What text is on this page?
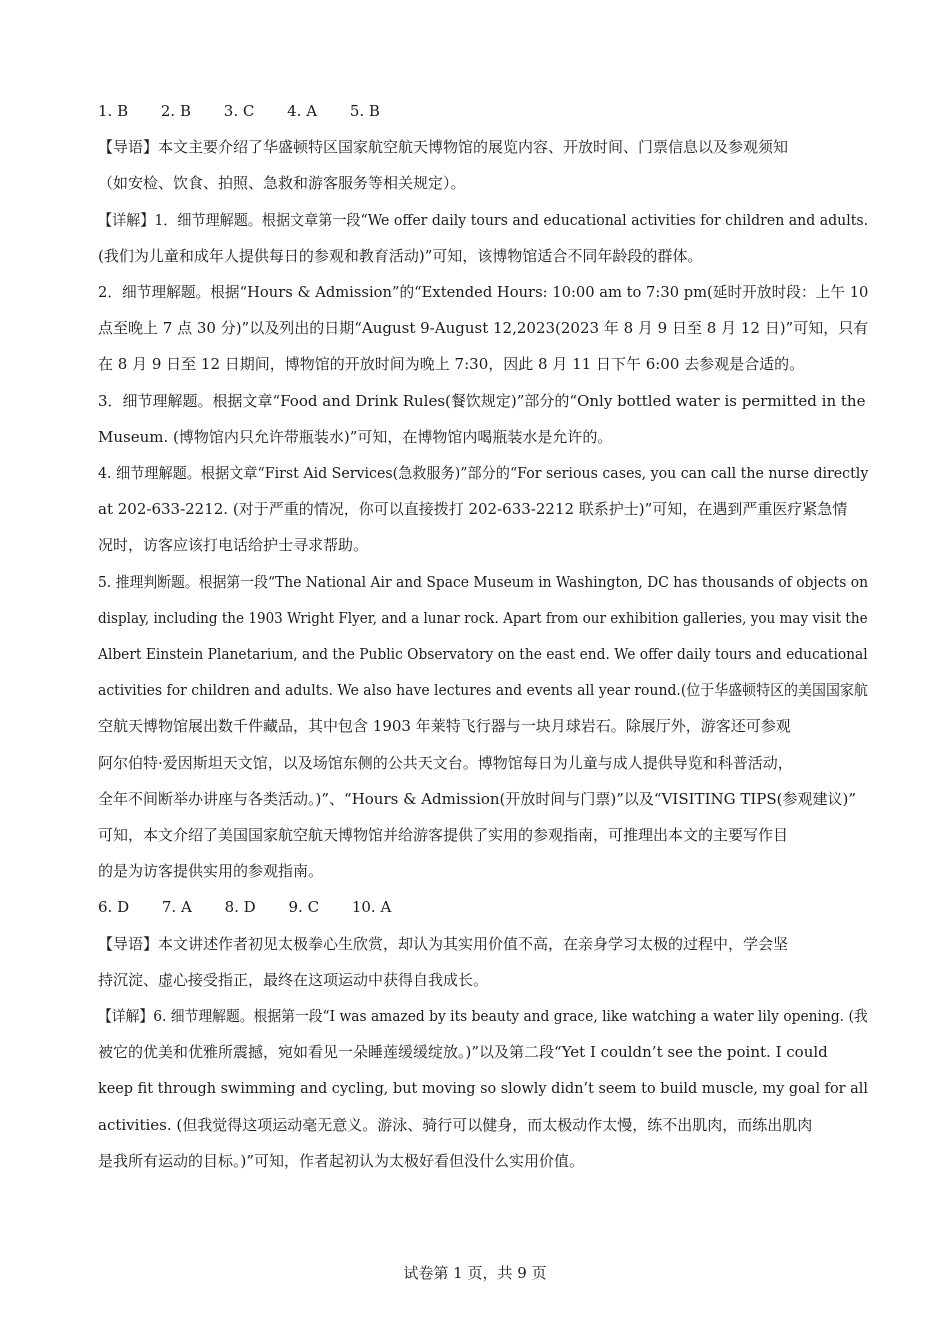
1. B 2. B 3. C 4. A 5. B
【导语】本文主要介绍了华盛顿特区国家航空航天博物馆的展览内容、开放时间、门票信息以及参观须知
（如安检、饮食、拍照、急救和游客服务等相关规定）。
【详解】1．细节理解题。根据文章第一段“We offer daily tours and educational activities for children and adults.
(我们为儿童和成年人提供每日的参观和教育活动)”可知，该博物馆适合不同年龄段的群体。
2．细节理解题。根据“Hours & Admission”的“Extended Hours: 10:00 am to 7:30 pm(延时开放时段：上午 10
点至晚上 7 点 30 分)”以及列出的日期“August 9-August 12,2023(2023 年 8 月 9 日至 8 月 12 日)”可知，只有
在 8 月 9 日至 12 日期间，博物馆的开放时间为晚上 7:30，因此 8 月 11 日下午 6:00 去参观是合适的。
3．细节理解题。根据文章“Food and Drink Rules(餐饮规定)”部分的“Only bottled water is permitted in the
Museum. (博物馆内只允许带瓶装水)”可知，在博物馆内喝瓶装水是允许的。
4. 细节理解题。根据文章“First Aid Services(急救服务)”部分的“For serious cases, you can call the nurse directly
at 202-633-2212. (对于严重的情况，你可以直接拨打 202-633-2212 联系护士)”可知，在遇到严重医疗紧急情
况时，访客应该打电话给护士寻求帮助。
5. 推理判断题。根据第一段“The National Air and Space Museum in Washington, DC has thousands of objects on
display, including the 1903 Wright Flyer, and a lunar rock. Apart from our exhibition galleries, you may visit the
Albert Einstein Planetarium, and the Public Observatory on the east end. We offer daily tours and educational
activities for children and adults. We also have lectures and events all year round.(位于华盛顿特区的美国国家航
空航天博物馆展出数千件藏品，其中包含 1903 年莱特飞行器与一块月球岩石。除展厅外，游客还可参观
阿尔伯特·爱因斯坦天文馆，以及场馆东侧的公共天文台。博物馆每日为儿童与成人提供导览和科普活动，
全年不间断举办讲座与各类活动。)”、“Hours & Admission(开放时间与门票)”以及“VISITING TIPS(参观建议)”
可知，本文介绍了美国国家航空航天博物馆并给游客提供了实用的参观指南，可推理出本文的主要写作目
的是为访客提供实用的参观指南。
6. D 7. A 8. D 9. C 10. A
【导语】本文讲述作者初见太极拳心生欣赏，却认为其实用价值不高，在亲身学习太极的过程中，学会坚
持沉淀、虚心接受指正，最终在这项运动中获得自我成长。
【详解】6. 细节理解题。根据第一段“I was amazed by its beauty and grace, like watching a water lily opening. (我
被它的优美和优雅所震撼，宛如看见一朵睡莲缓缓绽放。)”以及第二段“Yet I couldn’t see the point. I could
keep fit through swimming and cycling, but moving so slowly didn’t seem to build muscle, my goal for all
activities. (但我觉得这项运动毫无意义。游泳、骑行可以健身，而太极动作太慢，练不出肌肉，而练出肌肉
是我所有运动的目标。)”可知，作者起初认为太极好看但没什么实用价值。
试卷第 1 页，共 9 页
